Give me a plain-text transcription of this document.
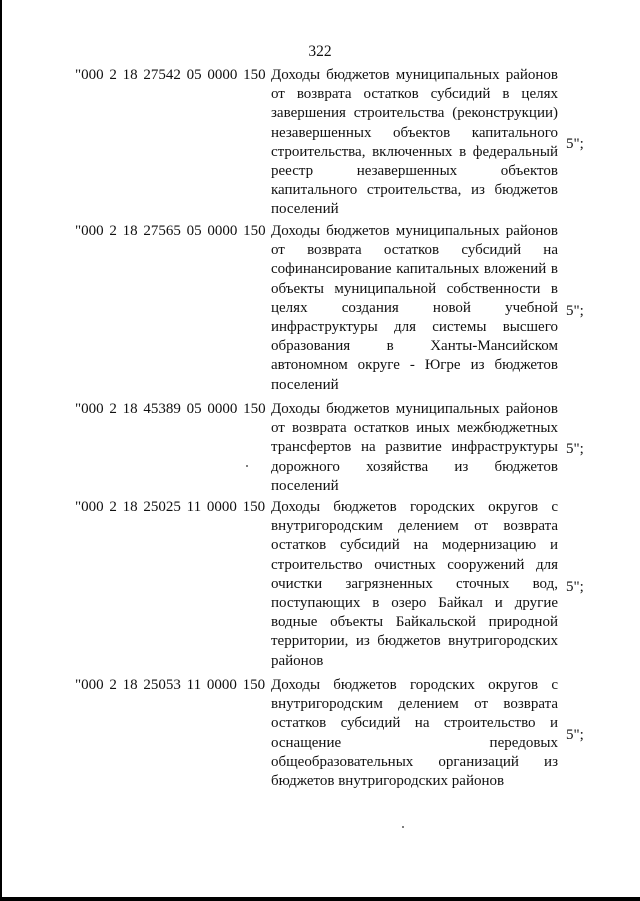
322
"000 2 18 27542 05 0000 150 Доходы бюджетов муниципальных районов от возврата остатков субсидий в целях завершения строительства (реконструкции) незавершенных объектов капитального строительства, включенных в федеральный реестр незавершенных объектов капитального строительства, из бюджетов поселений
5";
"000 2 18 27565 05 0000 150 Доходы бюджетов муниципальных районов от возврата остатков субсидий на софинансирование капитальных вложений в объекты муниципальной собственности в целях создания новой учебной инфраструктуры для системы высшего образования в Ханты-Мансийском автономном округе - Югре из бюджетов поселений
5";
"000 2 18 45389 05 0000 150 Доходы бюджетов муниципальных районов от возврата остатков иных межбюджетных трансфертов на развитие инфраструктуры дорожного хозяйства из бюджетов поселений
5";
"000 2 18 25025 11 0000 150 Доходы бюджетов городских округов с внутригородским делением от возврата остатков субсидий на модернизацию и строительство очистных сооружений для очистки загрязненных сточных вод, поступающих в озеро Байкал и другие водные объекты Байкальской природной территории, из бюджетов внутригородских районов
5";
"000 2 18 25053 11 0000 150 Доходы бюджетов городских округов с внутригородским делением от возврата остатков субсидий на строительство и оснащение передовых общеобразовательных организаций из бюджетов внутригородских районов
5";
